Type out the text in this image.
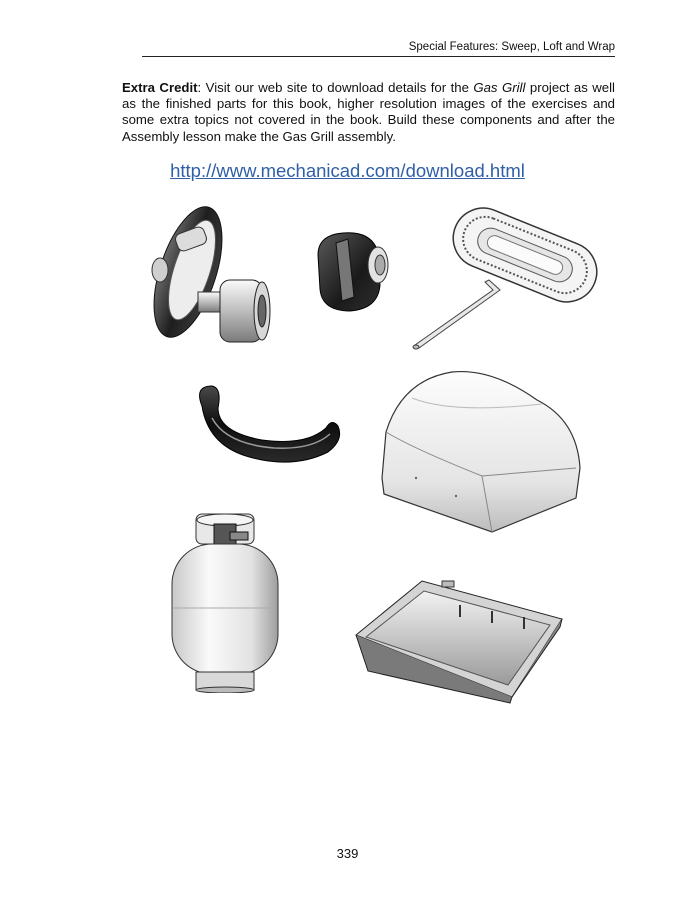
Special Features: Sweep, Loft and Wrap
Extra Credit: Visit our web site to download details for the Gas Grill project as well as the finished parts for this book, higher resolution images of the exercises and some extra topics not covered in the book. Build these components and after the Assembly lesson make the Gas Grill assembly.
http://www.mechanicad.com/download.html
339
